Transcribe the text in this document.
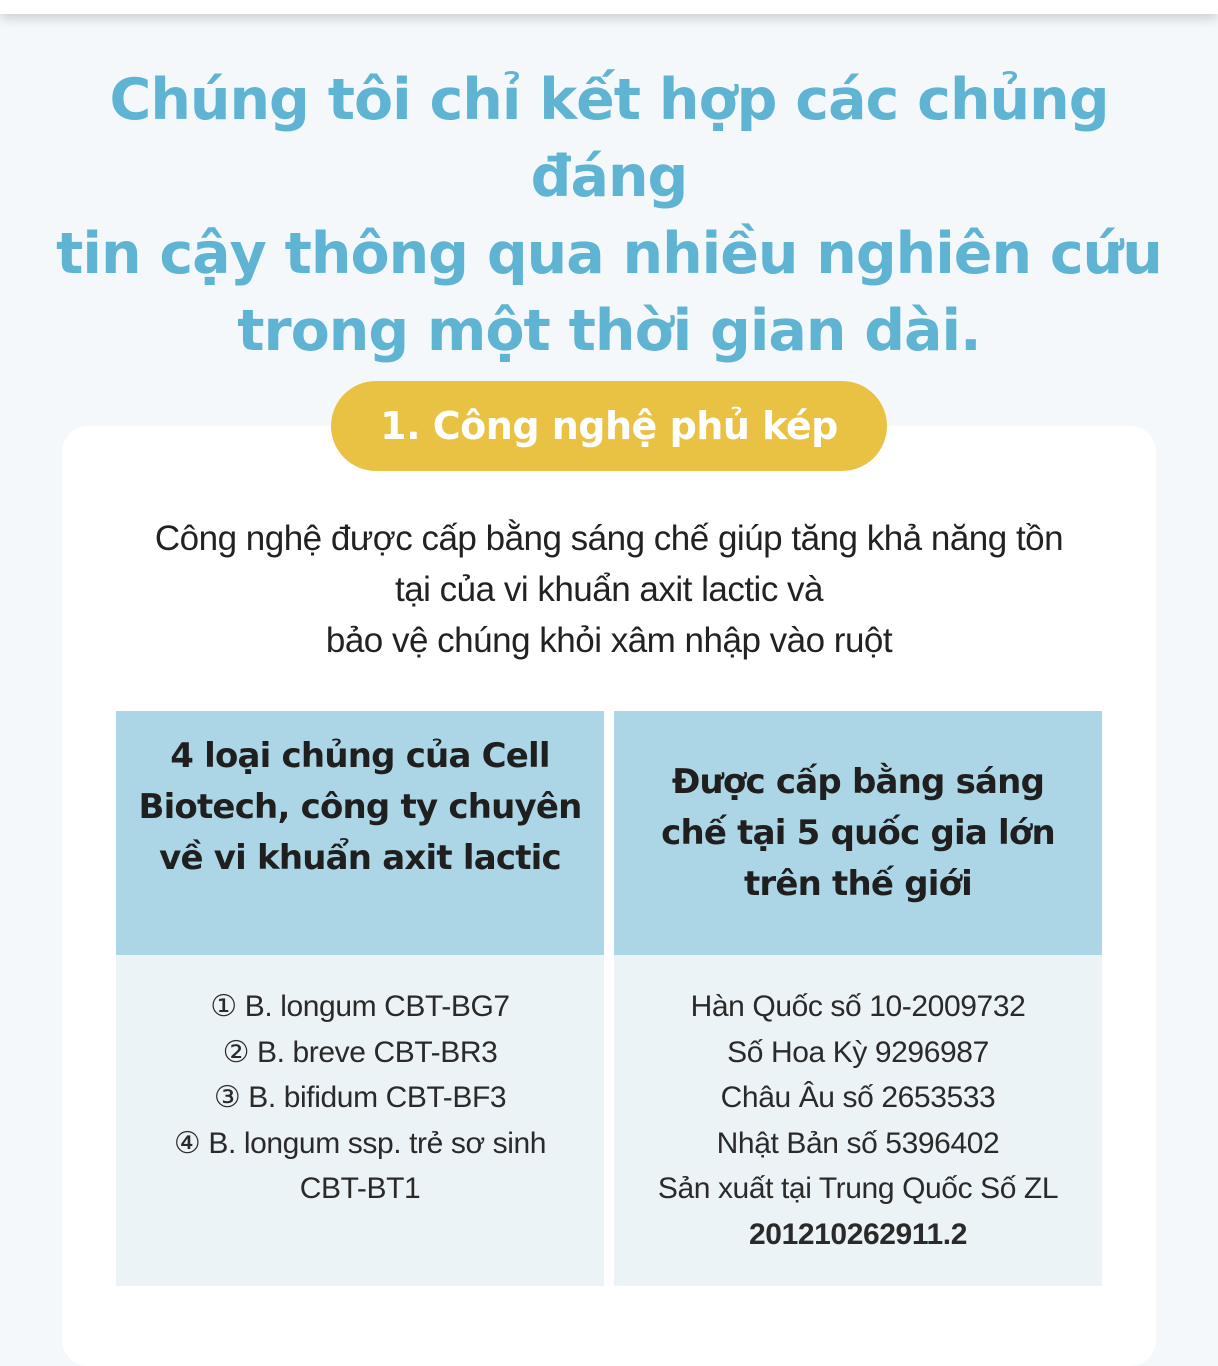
Chúng tôi chỉ kết hợp các chủng đáng
tin cậy thông qua nhiều nghiên cứu
trong một thời gian dài.
1. Công nghệ phủ kép
Công nghệ được cấp bằng sáng chế giúp tăng khả năng tồn
tại của vi khuẩn axit lactic và
bảo vệ chúng khỏi xâm nhập vào ruột
4 loại chủng của Cell
Biotech, công ty chuyên
về vi khuẩn axit lactic
① B. longum CBT-BG7
② B. breve CBT-BR3
③ B. bifidum CBT-BF3
④ B. longum ssp. trẻ sơ sinh
CBT-BT1
Được cấp bằng sáng
chế tại 5 quốc gia lớn
trên thế giới
Hàn Quốc số 10-2009732
Số Hoa Kỳ 9296987
Châu Âu số 2653533
Nhật Bản số 5396402
Sản xuất tại Trung Quốc Số ZL
201210262911.2
